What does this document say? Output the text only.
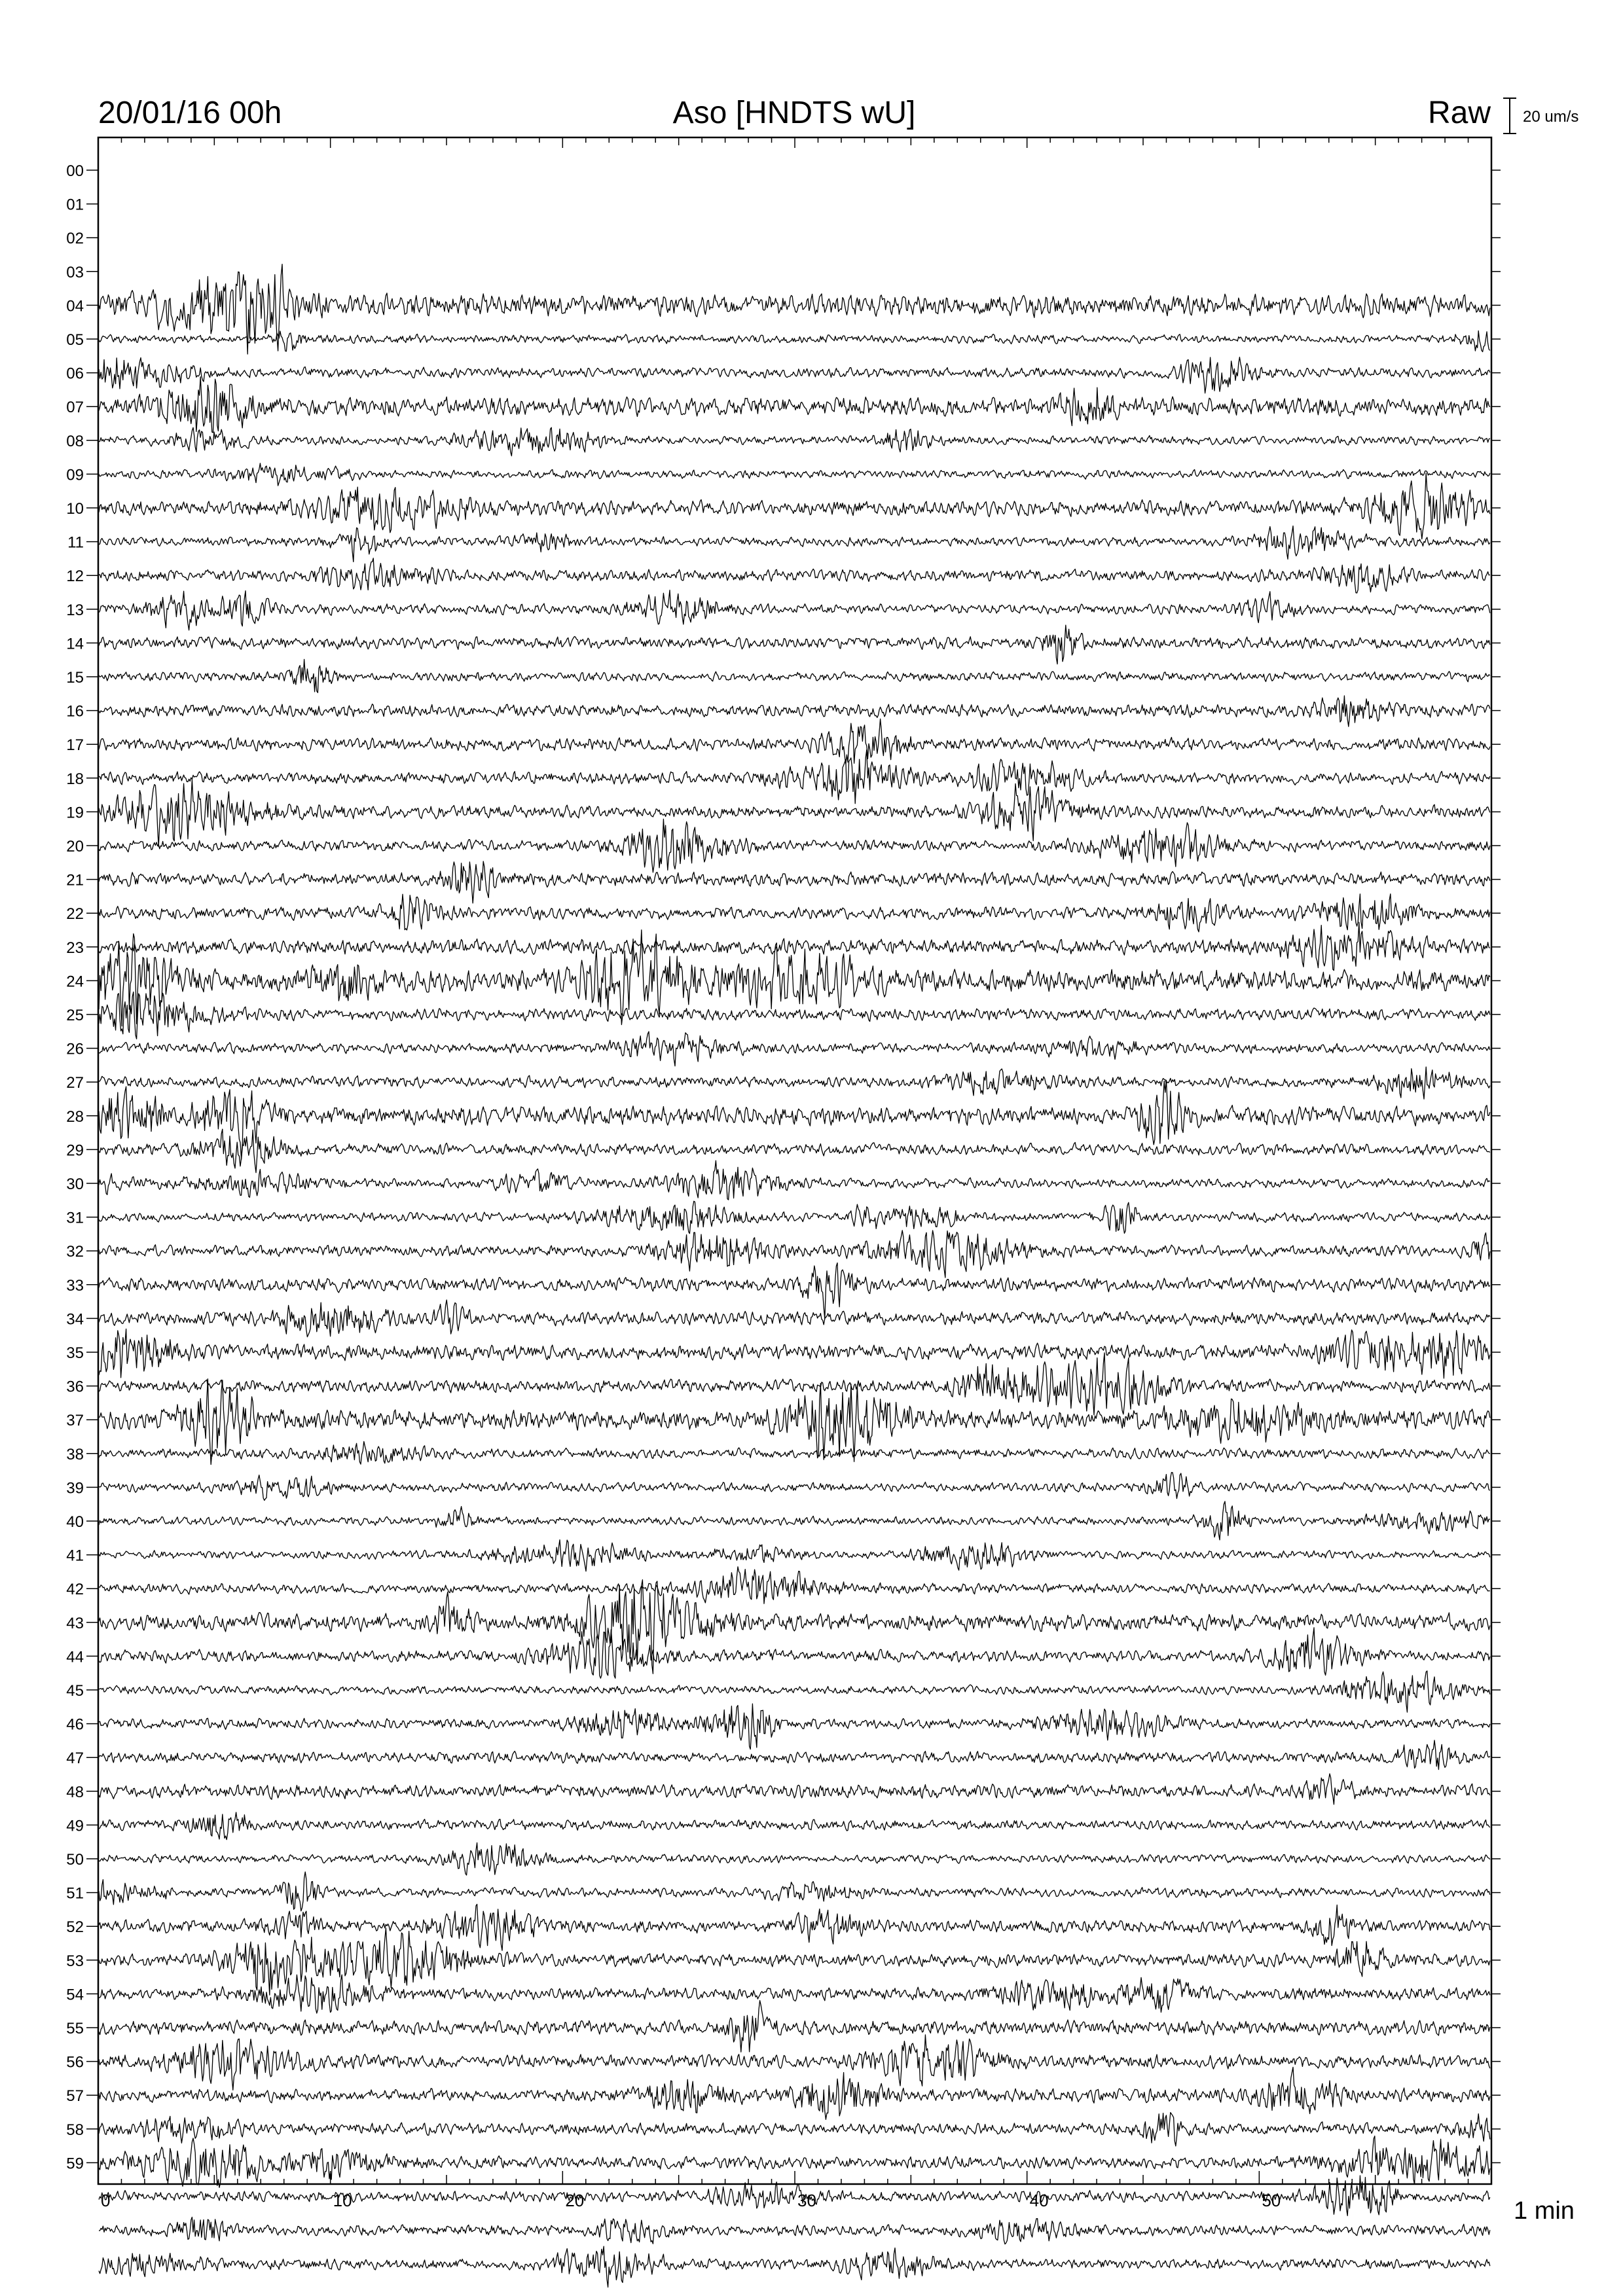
20/01/16 00h	Aso [HNDTS wU]	Raw 20 um/s
00
01
02
03
04
05
06
07
08
09
10
11
12
13
14
15
16
17
18
19
20
21
22
23
24
25
26
27
28
29
30
31
32
33
34
35
36
37
38
39
40
41
42
43
44
45
46
47
48
49
50
51
52
53
54
55
56
57
58
59
0	10	20	30	40	50	1 min
